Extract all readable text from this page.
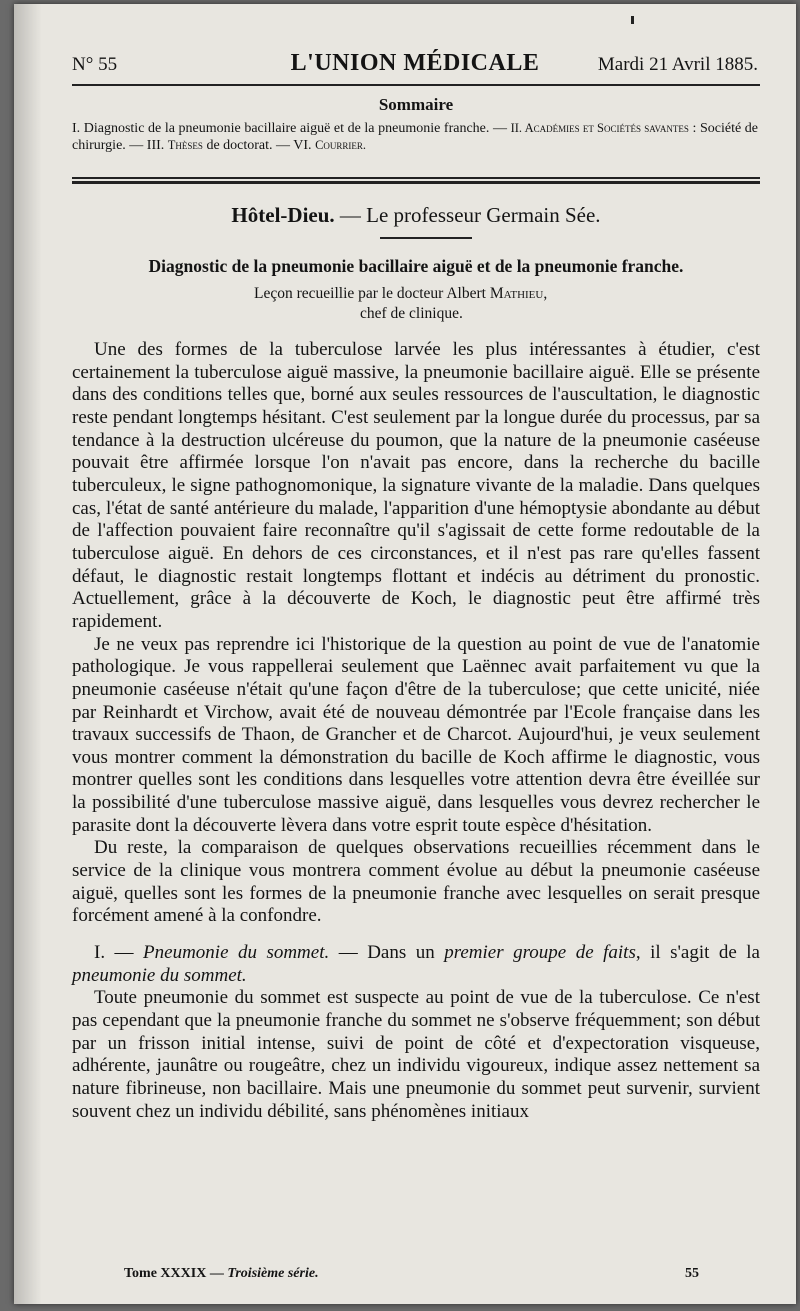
N° 55	L'UNION MÉDICALE	Mardi 21 Avril 1885.
Sommaire
I. Diagnostic de la pneumonie bacillaire aiguë et de la pneumonie franche. — II. Académies et Sociétés savantes : Société de chirurgie. — III. Thèses de doctorat. — VI. Courrier.
Hôtel-Dieu. — Le professeur Germain Sée.
Diagnostic de la pneumonie bacillaire aiguë et de la pneumonie franche.
Leçon recueillie par le docteur Albert Mathieu,
chef de clinique.

Une des formes de la tuberculose larvée les plus intéressantes à étudier, c'est certainement la tuberculose aiguë massive, la pneumonie bacillaire aiguë. Elle se présente dans des conditions telles que, borné aux seules ressources de l'auscultation, le diagnostic reste pendant longtemps hésitant. C'est seulement par la longue durée du processus, par sa tendance à la destruction ulcéreuse du poumon, que la nature de la pneumonie caséeuse pouvait être affirmée lorsque l'on n'avait pas encore, dans la recherche du bacille tuberculeux, le signe pathognomonique, la signature vivante de la maladie. Dans quelques cas, l'état de santé antérieure du malade, l'apparition d'une hémoptysie abondante au début de l'affection pouvaient faire reconnaître qu'il s'agissait de cette forme redoutable de la tuberculose aiguë. En dehors de ces circonstances, et il n'est pas rare qu'elles fassent défaut, le diagnostic restait longtemps flottant et indécis au détriment du pronostic. Actuellement, grâce à la découverte de Koch, le diagnostic peut être affirmé très rapidement.

Je ne veux pas reprendre ici l'historique de la question au point de vue de l'anatomie pathologique. Je vous rappellerai seulement que Laënnec avait parfaitement vu que la pneumonie caséeuse n'était qu'une façon d'être de la tuberculose; que cette unicité, niée par Reinhardt et Virchow, avait été de nouveau démontrée par l'Ecole française dans les travaux successifs de Thaon, de Grancher et de Charcot. Aujourd'hui, je veux seulement vous montrer comment la démonstration du bacille de Koch affirme le diagnostic, vous montrer quelles sont les conditions dans lesquelles votre attention devra être éveillée sur la possibilité d'une tuberculose massive aiguë, dans lesquelles vous devrez rechercher le parasite dont la découverte lèvera dans votre esprit toute espèce d'hésitation.

Du reste, la comparaison de quelques observations recueillies récemment dans le service de la clinique vous montrera comment évolue au début la pneumonie caséeuse aiguë, quelles sont les formes de la pneumonie franche avec lesquelles on serait presque forcément amené à la confondre.

I. — Pneumonie du sommet. — Dans un premier groupe de faits, il s'agit de la pneumonie du sommet.

Toute pneumonie du sommet est suspecte au point de vue de la tuberculose. Ce n'est pas cependant que la pneumonie franche du sommet ne s'observe fréquemment; son début par un frisson initial intense, suivi de point de côté et d'expectoration visqueuse, adhérente, jaunâtre ou rougeâtre, chez un individu vigoureux, indique assez nettement sa nature fibrineuse, non bacillaire. Mais une pneumonie du sommet peut survenir, survient souvent chez un individu débilité, sans phénomènes initiaux

Tome XXXIX — Troisième série.	55
